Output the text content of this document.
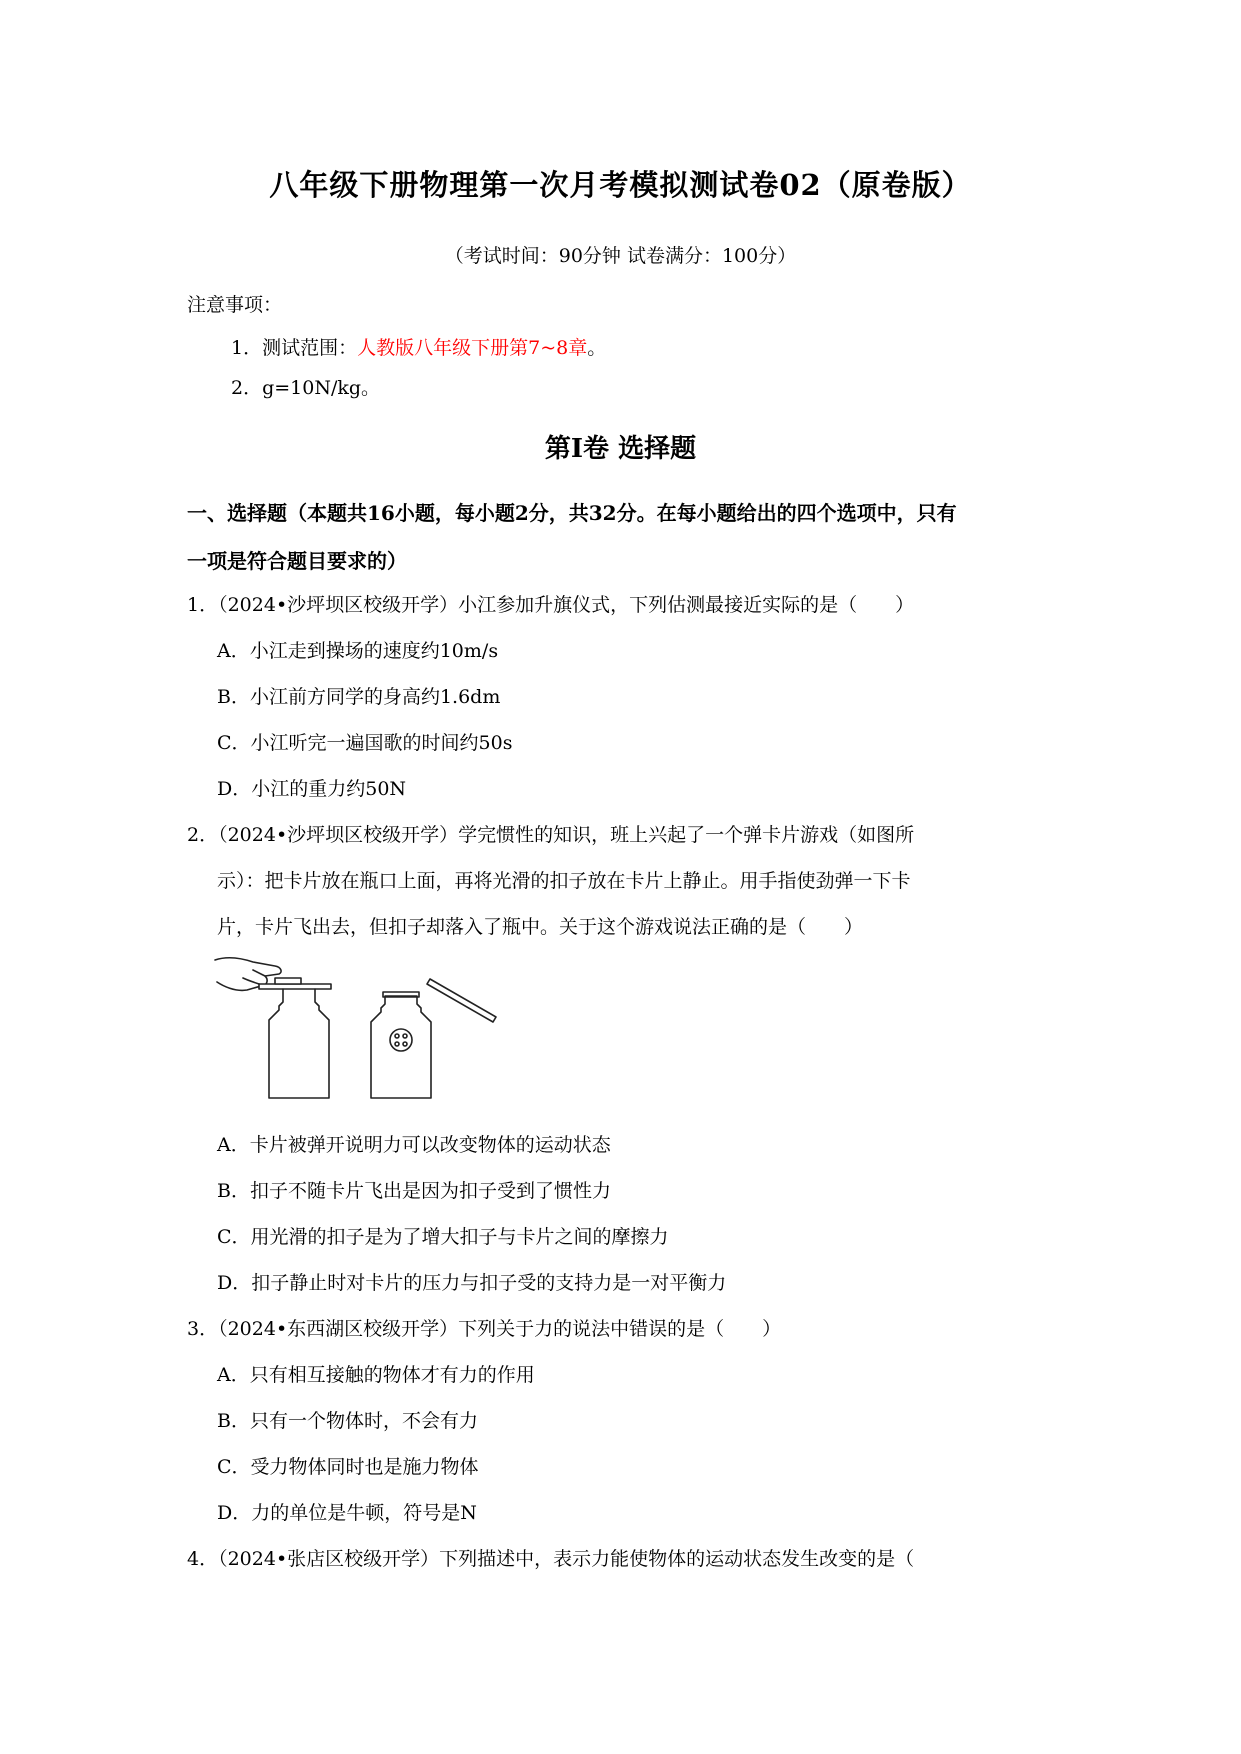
八年级下册物理第一次月考模拟测试卷02（原卷版）
（考试时间：90分钟 试卷满分：100分）
注意事项：
1．测试范围：人教版八年级下册第7~8章。
2．g=10N/kg。
第Ⅰ卷 选择题
一、选择题（本题共16小题，每小题2分，共32分。在每小题给出的四个选项中，只有
一项是符合题目要求的）
1．（2024•沙坪坝区校级开学）小江参加升旗仪式，下列估测最接近实际的是（　　）
A．小江走到操场的速度约10m/s
B．小江前方同学的身高约1.6dm
C．小江听完一遍国歌的时间约50s
D．小江的重力约50N
2．（2024•沙坪坝区校级开学）学完惯性的知识，班上兴起了一个弹卡片游戏（如图所
示）：把卡片放在瓶口上面，再将光滑的扣子放在卡片上静止。用手指使劲弹一下卡
片，卡片飞出去，但扣子却落入了瓶中。关于这个游戏说法正确的是（　　）
A．卡片被弹开说明力可以改变物体的运动状态
B．扣子不随卡片飞出是因为扣子受到了惯性力
C．用光滑的扣子是为了增大扣子与卡片之间的摩擦力
D．扣子静止时对卡片的压力与扣子受的支持力是一对平衡力
3．（2024•东西湖区校级开学）下列关于力的说法中错误的是（　　）
A．只有相互接触的物体才有力的作用
B．只有一个物体时，不会有力
C．受力物体同时也是施力物体
D．力的单位是牛顿，符号是N
4．（2024•张店区校级开学）下列描述中，表示力能使物体的运动状态发生改变的是（
